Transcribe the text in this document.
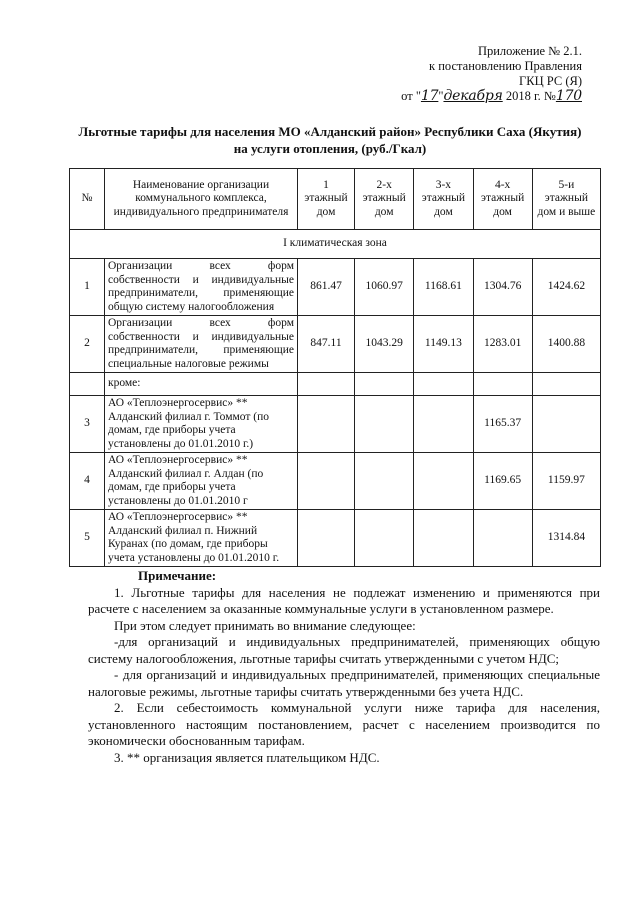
Приложение № 2.1.
к постановлению Правления
ГКЦ РС (Я)
от "17"декабря 2018 г. №170
Льготные тарифы для населения МО «Алданский район» Республики Саха (Якутия)
на услуги отопления, (руб./Гкал)
№	Наименование организации коммунального комплекса, индивидуального предпринимателя	1 этажный дом	2-х этажный дом	3-х этажный дом	4-х этажный дом	5-и этажный дом и выше
I климатическая зона						
1	Организации всех форм собственности и индивидуальные предприниматели, применяющие общую систему налогообложения	861.47	1060.97	1168.61	1304.76	1424.62
2	Организации всех форм собственности и индивидуальные предприниматели, применяющие специальные налоговые режимы	847.11	1043.29	1149.13	1283.01	1400.88
	кроме:					
3	АО «Теплоэнергосервис» ** Алданский филиал г. Томмот (по домам, где приборы учета установлены до 01.01.2010 г.)				1165.37	
4	АО «Теплоэнергосервис» ** Алданский филиал г. Алдан (по домам, где приборы учета установлены до 01.01.2010 г				1169.65	1159.97
5	АО «Теплоэнергосервис» ** Алданский филиал п. Нижний Куранах (по домам, где приборы учета установлены до 01.01.2010 г.					1314.84

Примечание:

1. Льготные тарифы для населения не подлежат изменению и применяются при расчете с населением за оказанные коммунальные услуги в установленном размере.

При этом следует принимать во внимание следующее:

-для организаций и индивидуальных предпринимателей, применяющих общую систему налогообложения, льготные тарифы считать утвержденными с учетом НДС;

- для организаций и индивидуальных предпринимателей, применяющих специальные налоговые режимы, льготные тарифы считать утвержденными без учета НДС.

2. Если себестоимость коммунальной услуги ниже тарифа для населения, установленного настоящим постановлением, расчет с населением производится по экономически обоснованным тарифам.

3. ** организация является плательщиком НДС.
